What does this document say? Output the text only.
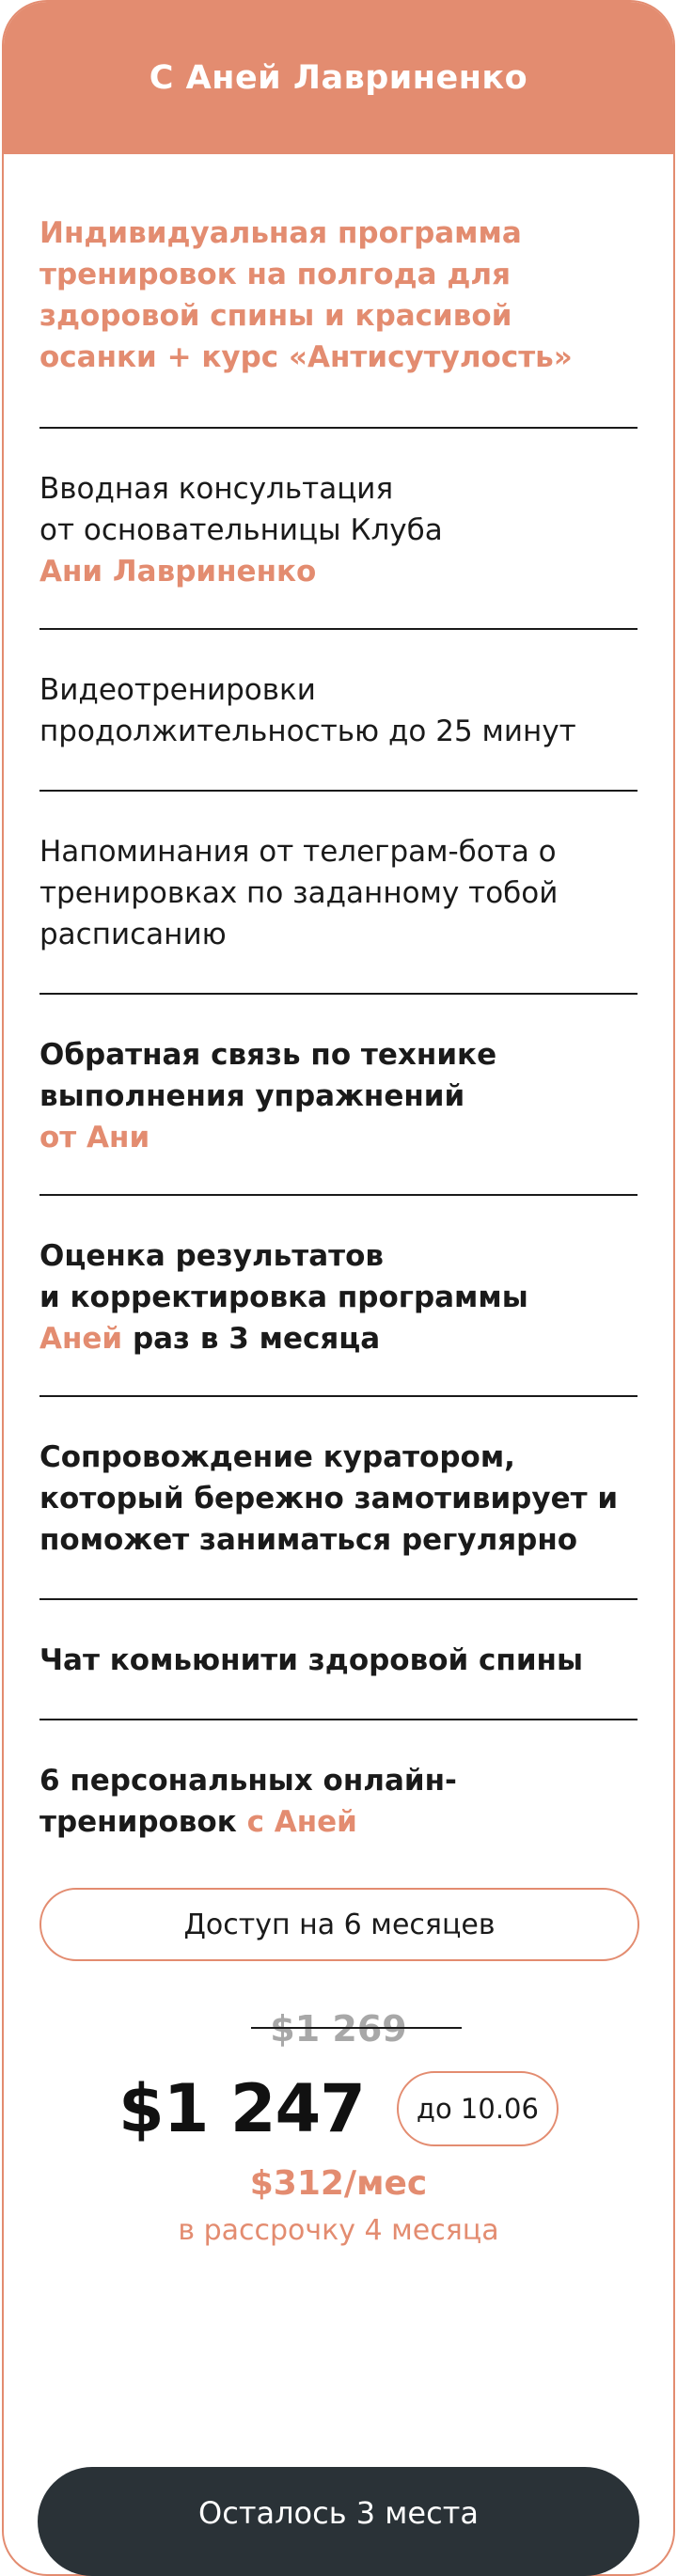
С Аней Лавриненко

Индивидуальная программа тренировок на полгода для здоровой спины и красивой осанки + курс «Антисутулость»

Вводная консультация

от основательницы Клуба

Ани Лавриненко

Видеотренировки продолжительностью до 25 минут

Напоминания от телеграм-бота о тренировках по заданному тобой расписанию

Обратная связь по технике выполнения упражнений

от Ани

Оценка результатов

и корректировка программы

Аней раз в 3 месяца

Сопровождение куратором, который бережно замотивирует и поможет заниматься регулярно

Чат комьюнити здоровой спины

6 персональных онлайн-тренировок с Аней

Доступ на 6 месяцев
$1 269
$1 247	до 10.06
$312/мес
в рассрочку 4 месяца
Осталось 3 места
